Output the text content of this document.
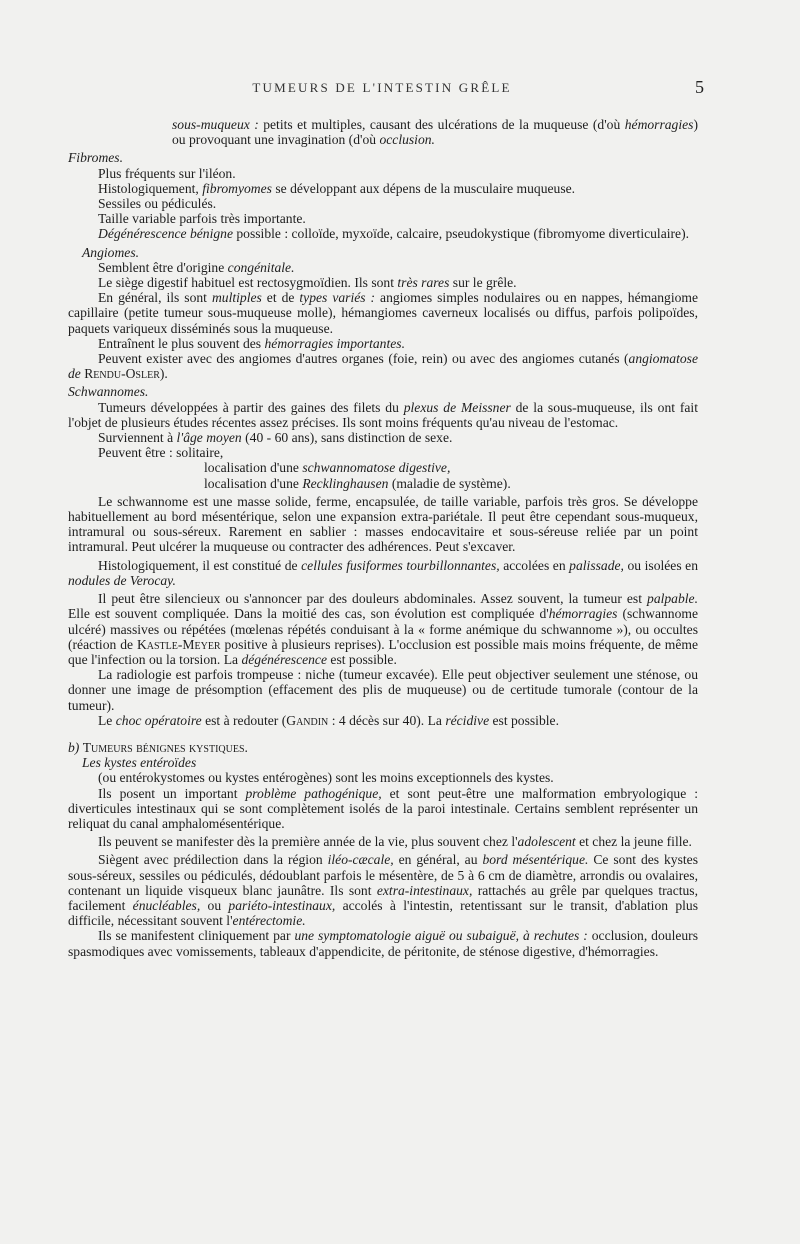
TUMEURS DE L'INTESTIN GRÊLE	5

sous-muqueux : petits et multiples, causant des ulcérations de la muqueuse (d'où hémorragies) ou provoquant une invagination (d'où occlusion.

Fibromes.

Plus fréquents sur l'iléon.

Histologiquement, fibromyomes se développant aux dépens de la musculaire muqueuse.

Sessiles ou pédiculés.

Taille variable parfois très importante.

Dégénérescence bénigne possible : colloïde, myxoïde, calcaire, pseudokystique (fibromyome diverticulaire).

Angiomes.

Semblent être d'origine congénitale.

Le siège digestif habituel est rectosygmoïdien. Ils sont très rares sur le grêle.

En général, ils sont multiples et de types variés : angiomes simples nodulaires ou en nappes, hémangiome capillaire (petite tumeur sous-muqueuse molle), hémangiomes caverneux localisés ou diffus, parfois polipoïdes, paquets variqueux disséminés sous la muqueuse.

Entraînent le plus souvent des hémorragies importantes.

Peuvent exister avec des angiomes d'autres organes (foie, rein) ou avec des angiomes cutanés (angiomatose de Rendu-Osler).

Schwannomes.

Tumeurs développées à partir des gaines des filets du plexus de Meissner de la sous-muqueuse, ils ont fait l'objet de plusieurs études récentes assez précises. Ils sont moins fréquents qu'au niveau de l'estomac.

Surviennent à l'âge moyen (40 - 60 ans), sans distinction de sexe.

Peuvent être : solitaire,

localisation d'une schwannomatose digestive,

localisation d'une Recklinghausen (maladie de système).

Le schwannome est une masse solide, ferme, encapsulée, de taille variable, parfois très gros. Se développe habituellement au bord mésentérique, selon une expansion extra-pariétale. Il peut être cependant sous-muqueux, intramural ou sous-séreux. Rarement en sablier : masses endocavitaire et sous-séreuse reliée par un point intramural. Peut ulcérer la muqueuse ou contracter des adhérences. Peut s'excaver.

Histologiquement, il est constitué de cellules fusiformes tourbillonnantes, accolées en palissade, ou isolées en nodules de Verocay.

Il peut être silencieux ou s'annoncer par des douleurs abdominales. Assez souvent, la tumeur est palpable. Elle est souvent compliquée. Dans la moitié des cas, son évolution est compliquée d'hémorragies (schwannome ulcéré) massives ou répétées (mœlenas répétés conduisant à la « forme anémique du schwannome »), ou occultes (réaction de Kastle-Meyer positive à plusieurs reprises). L'occlusion est possible mais moins fréquente, de même que l'infection ou la torsion. La dégénérescence est possible.

La radiologie est parfois trompeuse : niche (tumeur excavée). Elle peut objectiver seulement une sténose, ou donner une image de présomption (effacement des plis de muqueuse) ou de certitude tumorale (contour de la tumeur).

Le choc opératoire est à redouter (Gandin : 4 décès sur 40). La récidive est possible.

b) Tumeurs bénignes kystiques.

Les kystes entéroïdes

(ou entérokystomes ou kystes entérogènes) sont les moins exceptionnels des kystes.

Ils posent un important problème pathogénique, et sont peut-être une malformation embryologique : diverticules intestinaux qui se sont complètement isolés de la paroi intestinale. Certains semblent représenter un reliquat du canal amphalomésentérique.

Ils peuvent se manifester dès la première année de la vie, plus souvent chez l'adolescent et chez la jeune fille.

Siègent avec prédilection dans la région iléo-cæcale, en général, au bord mésentérique. Ce sont des kystes sous-séreux, sessiles ou pédiculés, dédoublant parfois le mésentère, de 5 à 6 cm de diamètre, arrondis ou ovalaires, contenant un liquide visqueux blanc jaunâtre. Ils sont extra-intestinaux, rattachés au grêle par quelques tractus, facilement énucléables, ou pariéto-intestinaux, accolés à l'intestin, retentissant sur le transit, d'ablation plus difficile, nécessitant souvent l'entérectomie.

Ils se manifestent cliniquement par une symptomatologie aiguë ou subaiguë, à rechutes : occlusion, douleurs spasmodiques avec vomissements, tableaux d'appendicite, de péritonite, de sténose digestive, d'hémorragies.
